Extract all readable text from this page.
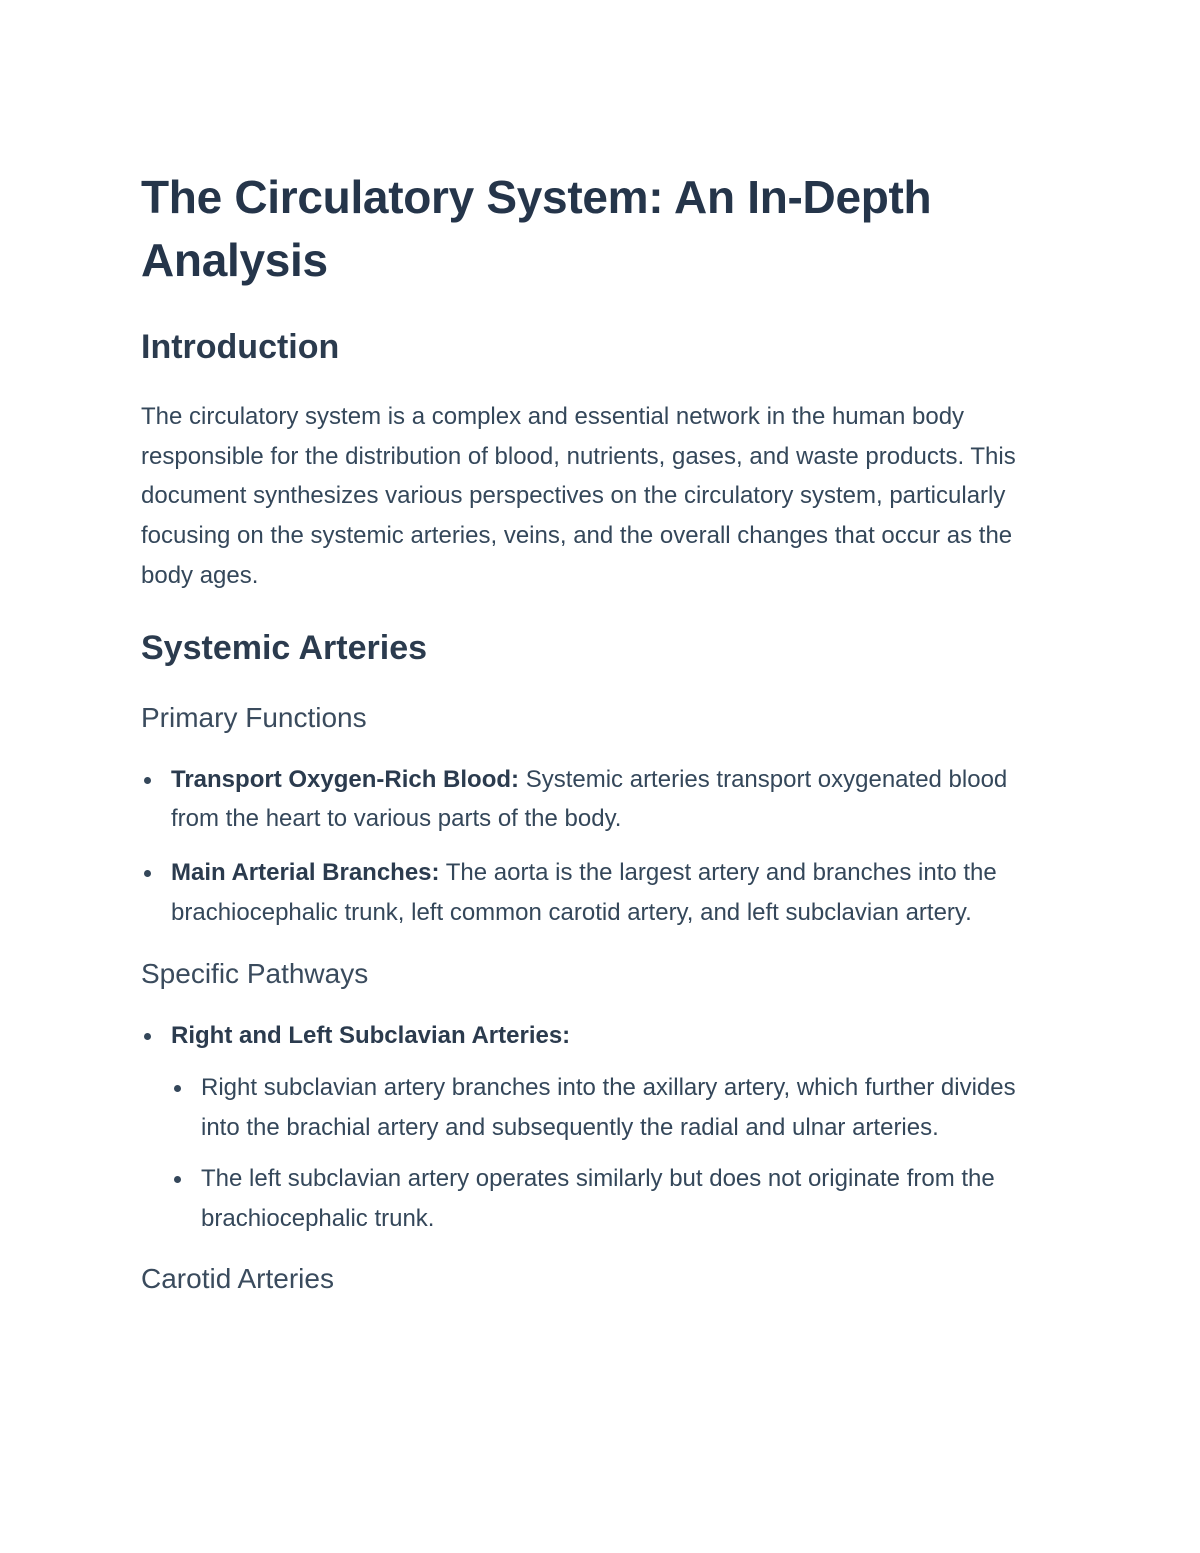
The Circulatory System: An In-Depth Analysis
Introduction

The circulatory system is a complex and essential network in the human body responsible for the distribution of blood, nutrients, gases, and waste products. This document synthesizes various perspectives on the circulatory system, particularly focusing on the systemic arteries, veins, and the overall changes that occur as the body ages.

Systemic Arteries
Primary Functions
Transport Oxygen-Rich Blood: Systemic arteries transport oxygenated blood from the heart to various parts of the body.
Main Arterial Branches: The aorta is the largest artery and branches into the brachiocephalic trunk, left common carotid artery, and left subclavian artery.
Specific Pathways
Right and Left Subclavian Arteries:
Right subclavian artery branches into the axillary artery, which further divides into the brachial artery and subsequently the radial and ulnar arteries.
The left subclavian artery operates similarly but does not originate from the brachiocephalic trunk.
Carotid Arteries
